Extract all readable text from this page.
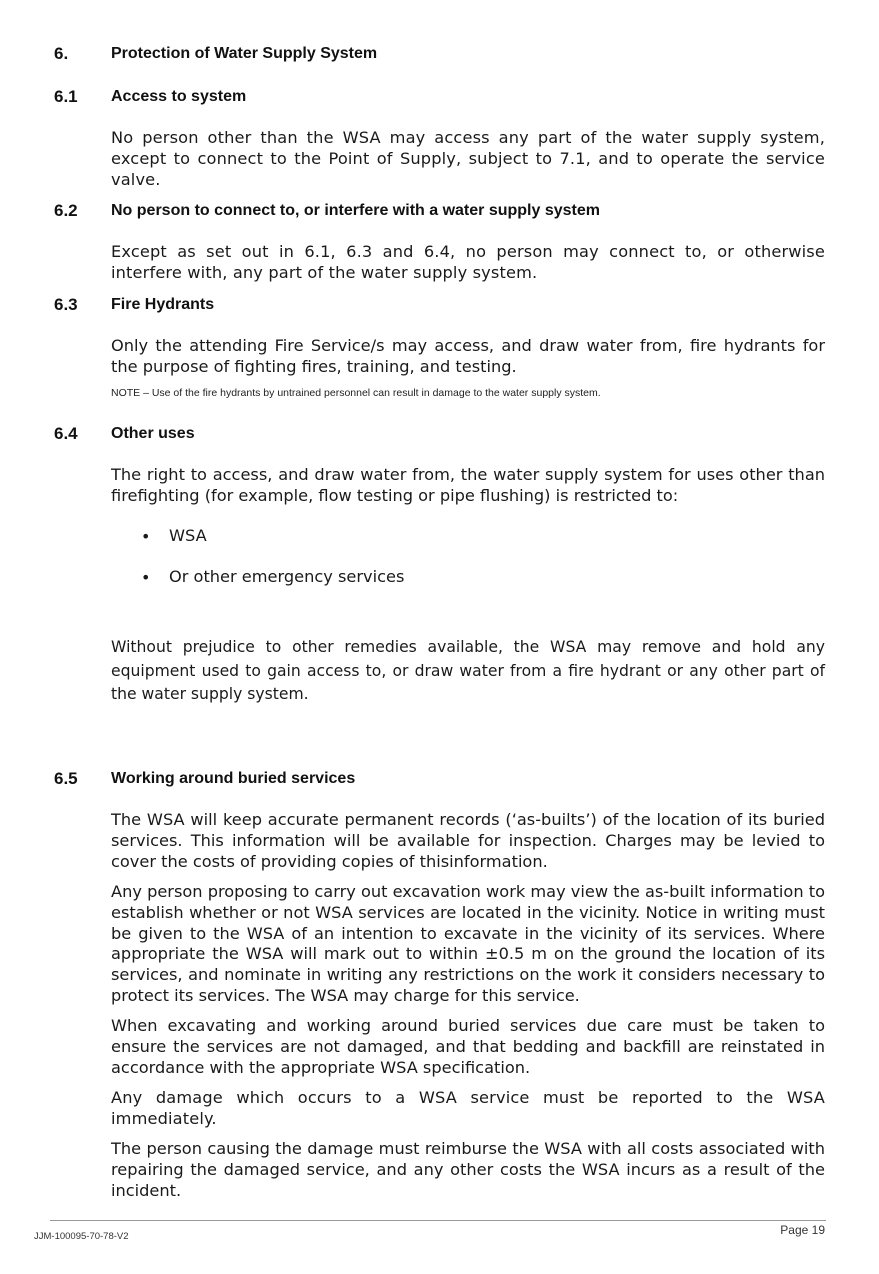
6.	Protection of Water Supply System
6.1 Access to system

No person other than the WSA may access any part of the water supply system, except to connect to the Point of Supply, subject to 7.1, and to operate the service valve.

6.2 No person to connect to, or interfere with a water supply system

Except as set out in 6.1, 6.3 and 6.4, no person may connect to, or otherwise interfere with, any part of the water supply system.

6.3 Fire Hydrants

Only the attending Fire Service/s may access, and draw water from, fire hydrants for the purpose of fighting fires, training, and testing.

NOTE – Use of the fire hydrants by untrained personnel can result in damage to the water supply system.
6.4 Other uses

The right to access, and draw water from, the water supply system for uses other than firefighting (for example, flow testing or pipe flushing) is restricted to:

• WSA
• Or other emergency services

Without prejudice to other remedies available, the WSA may remove and hold any equipment used to gain access to, or draw water from a fire hydrant or any other part of the water supply system.

6.5 Working around buried services

The WSA will keep accurate permanent records (‘as-builts’) of the location of its buried services. This information will be available for inspection. Charges may be levied to cover the costs of providing copies of thisinformation.

Any person proposing to carry out excavation work may view the as-built information to establish whether or not WSA services are located in the vicinity. Notice in writing must be given to the WSA of an intention to excavate in the vicinity of its services. Where appropriate the WSA will mark out to within ±0.5 m on the ground the location of its services, and nominate in writing any restrictions on the work it considers necessary to protect its services. The WSA may charge for this service.

When excavating and working around buried services due care must be taken to ensure the services are not damaged, and that bedding and backfill are reinstated in accordance with the appropriate WSA specification.

Any damage which occurs to a WSA service must be reported to the WSA immediately.

The person causing the damage must reimburse the WSA with all costs associated with repairing the damaged service, and any other costs the WSA incurs as a result of the incident.

JJM-100095-70-78-V2	Page 19
